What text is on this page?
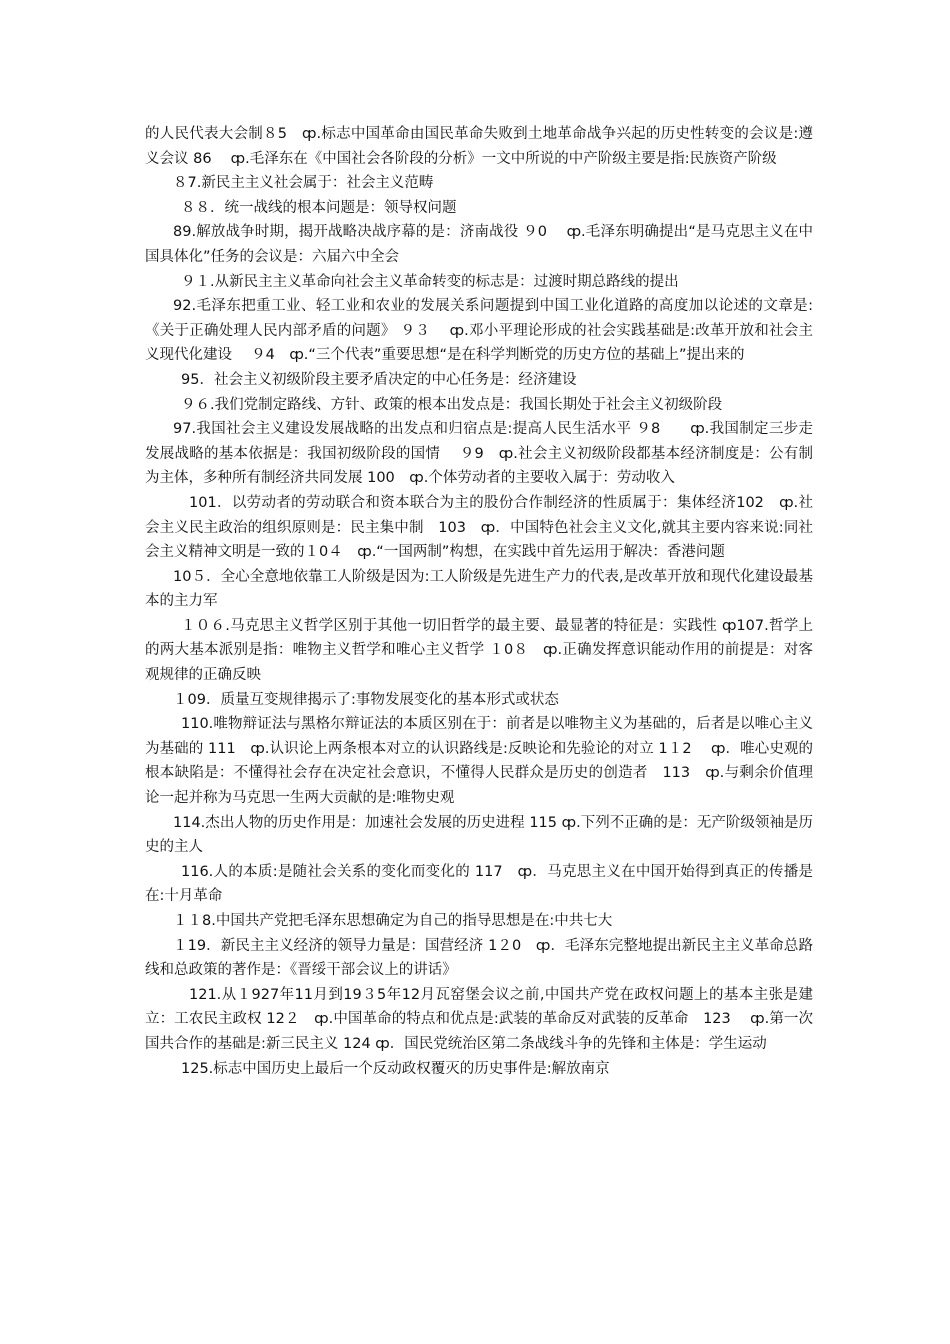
的人民代表大会制８5　ȹ.标志中国革命由国民革命失败到土地革命战争兴起的历史性转变的会议是:遵义会议 86　 ȹ.毛泽东在《中国社会各阶段的分析》一文中所说的中产阶级主要是指:民族资产阶级

８7.新民主主义社会属于：社会主义范畴

８８．统一战线的根本问题是：领导权问题

89.解放战争时期，揭开战略决战序幕的是：济南战役 ９0　 ȹ.毛泽东明确提出“是马克思主义在中国具体化”任务的会议是：六届六中全会

９１.从新民主主义革命向社会主义革命转变的标志是：过渡时期总路线的提出

92.毛泽东把重工业、轻工业和农业的发展关系问题提到中国工业化道路的高度加以论述的文章是:《关于正确处理人民内部矛盾的问题》 ９３　 ȹ.邓小平理论形成的社会实践基础是:改革开放和社会主义现代化建设　 ９4　ȹ.“三个代表”重要思想“是在科学判断党的历史方位的基础上”提出来的

95．社会主义初级阶段主要矛盾决定的中心任务是：经济建设

９６.我们党制定路线、方针、政策的根本出发点是：我国长期处于社会主义初级阶段

97.我国社会主义建设发展战略的出发点和归宿点是:提高人民生活水平 ９8　　ȹ.我国制定三步走发展战略的基本依据是：我国初级阶段的国情　 ９9　ȹ.社会主义初级阶段都基本经济制度是：公有制为主体，多种所有制经济共同发展 100　ȹ.个体劳动者的主要收入属于：劳动收入

101．以劳动者的劳动联合和资本联合为主的股份合作制经济的性质属于：集体经济102　ȹ.社会主义民主政治的组织原则是：民主集中制　103　ȹ．中国特色社会主义文化,就其主要内容来说:同社会主义精神文明是一致的１0４　ȹ.“一国两制”构想，在实践中首先运用于解决：香港问题

10５．全心全意地依靠工人阶级是因为:工人阶级是先进生产力的代表,是改革开放和现代化建设最基本的主力军

１０６.马克思主义哲学区别于其他一切旧哲学的最主要、最显著的特征是：实践性 ȹ107.哲学上的两大基本派别是指：唯物主义哲学和唯心主义哲学 １0８　ȹ.正确发挥意识能动作用的前提是：对客观规律的正确反映

１09．质量互变规律揭示了:事物发展变化的基本形式或状态

110.唯物辩证法与黑格尔辩证法的本质区别在于：前者是以唯物主义为基础的，后者是以唯心主义为基础的 111　ȹ.认识论上两条根本对立的认识路线是:反映论和先验论的对立 1１2　 ȹ．唯心史观的根本缺陷是：不懂得社会存在决定社会意识，不懂得人民群众是历史的创造者　113　ȹ.与剩余价值理论一起并称为马克思一生两大贡献的是:唯物史观

114.杰出人物的历史作用是：加速社会发展的历史进程 115 ȹ.下列不正确的是：无产阶级领袖是历史的主人

116.人的本质:是随社会关系的变化而变化的 117　ȹ．马克思主义在中国开始得到真正的传播是在:十月革命

１１8.中国共产党把毛泽东思想确定为自己的指导思想是在:中共七大

１19．新民主主义经济的领导力量是：国营经济 1２0　ȹ．毛泽东完整地提出新民主主义革命总路线和总政策的著作是：《晋绥干部会议上的讲话》

121.从１927年11月到19３5年12月瓦窑堡会议之前,中国共产党在政权问题上的基本主张是建立：工农民主政权 12２　ȹ.中国革命的特点和优点是:武装的革命反对武装的反革命　123　 ȹ.第一次国共合作的基础是:新三民主义 124 ȹ．国民党统治区第二条战线斗争的先锋和主体是：学生运动

125.标志中国历史上最后一个反动政权覆灭的历史事件是:解放南京
